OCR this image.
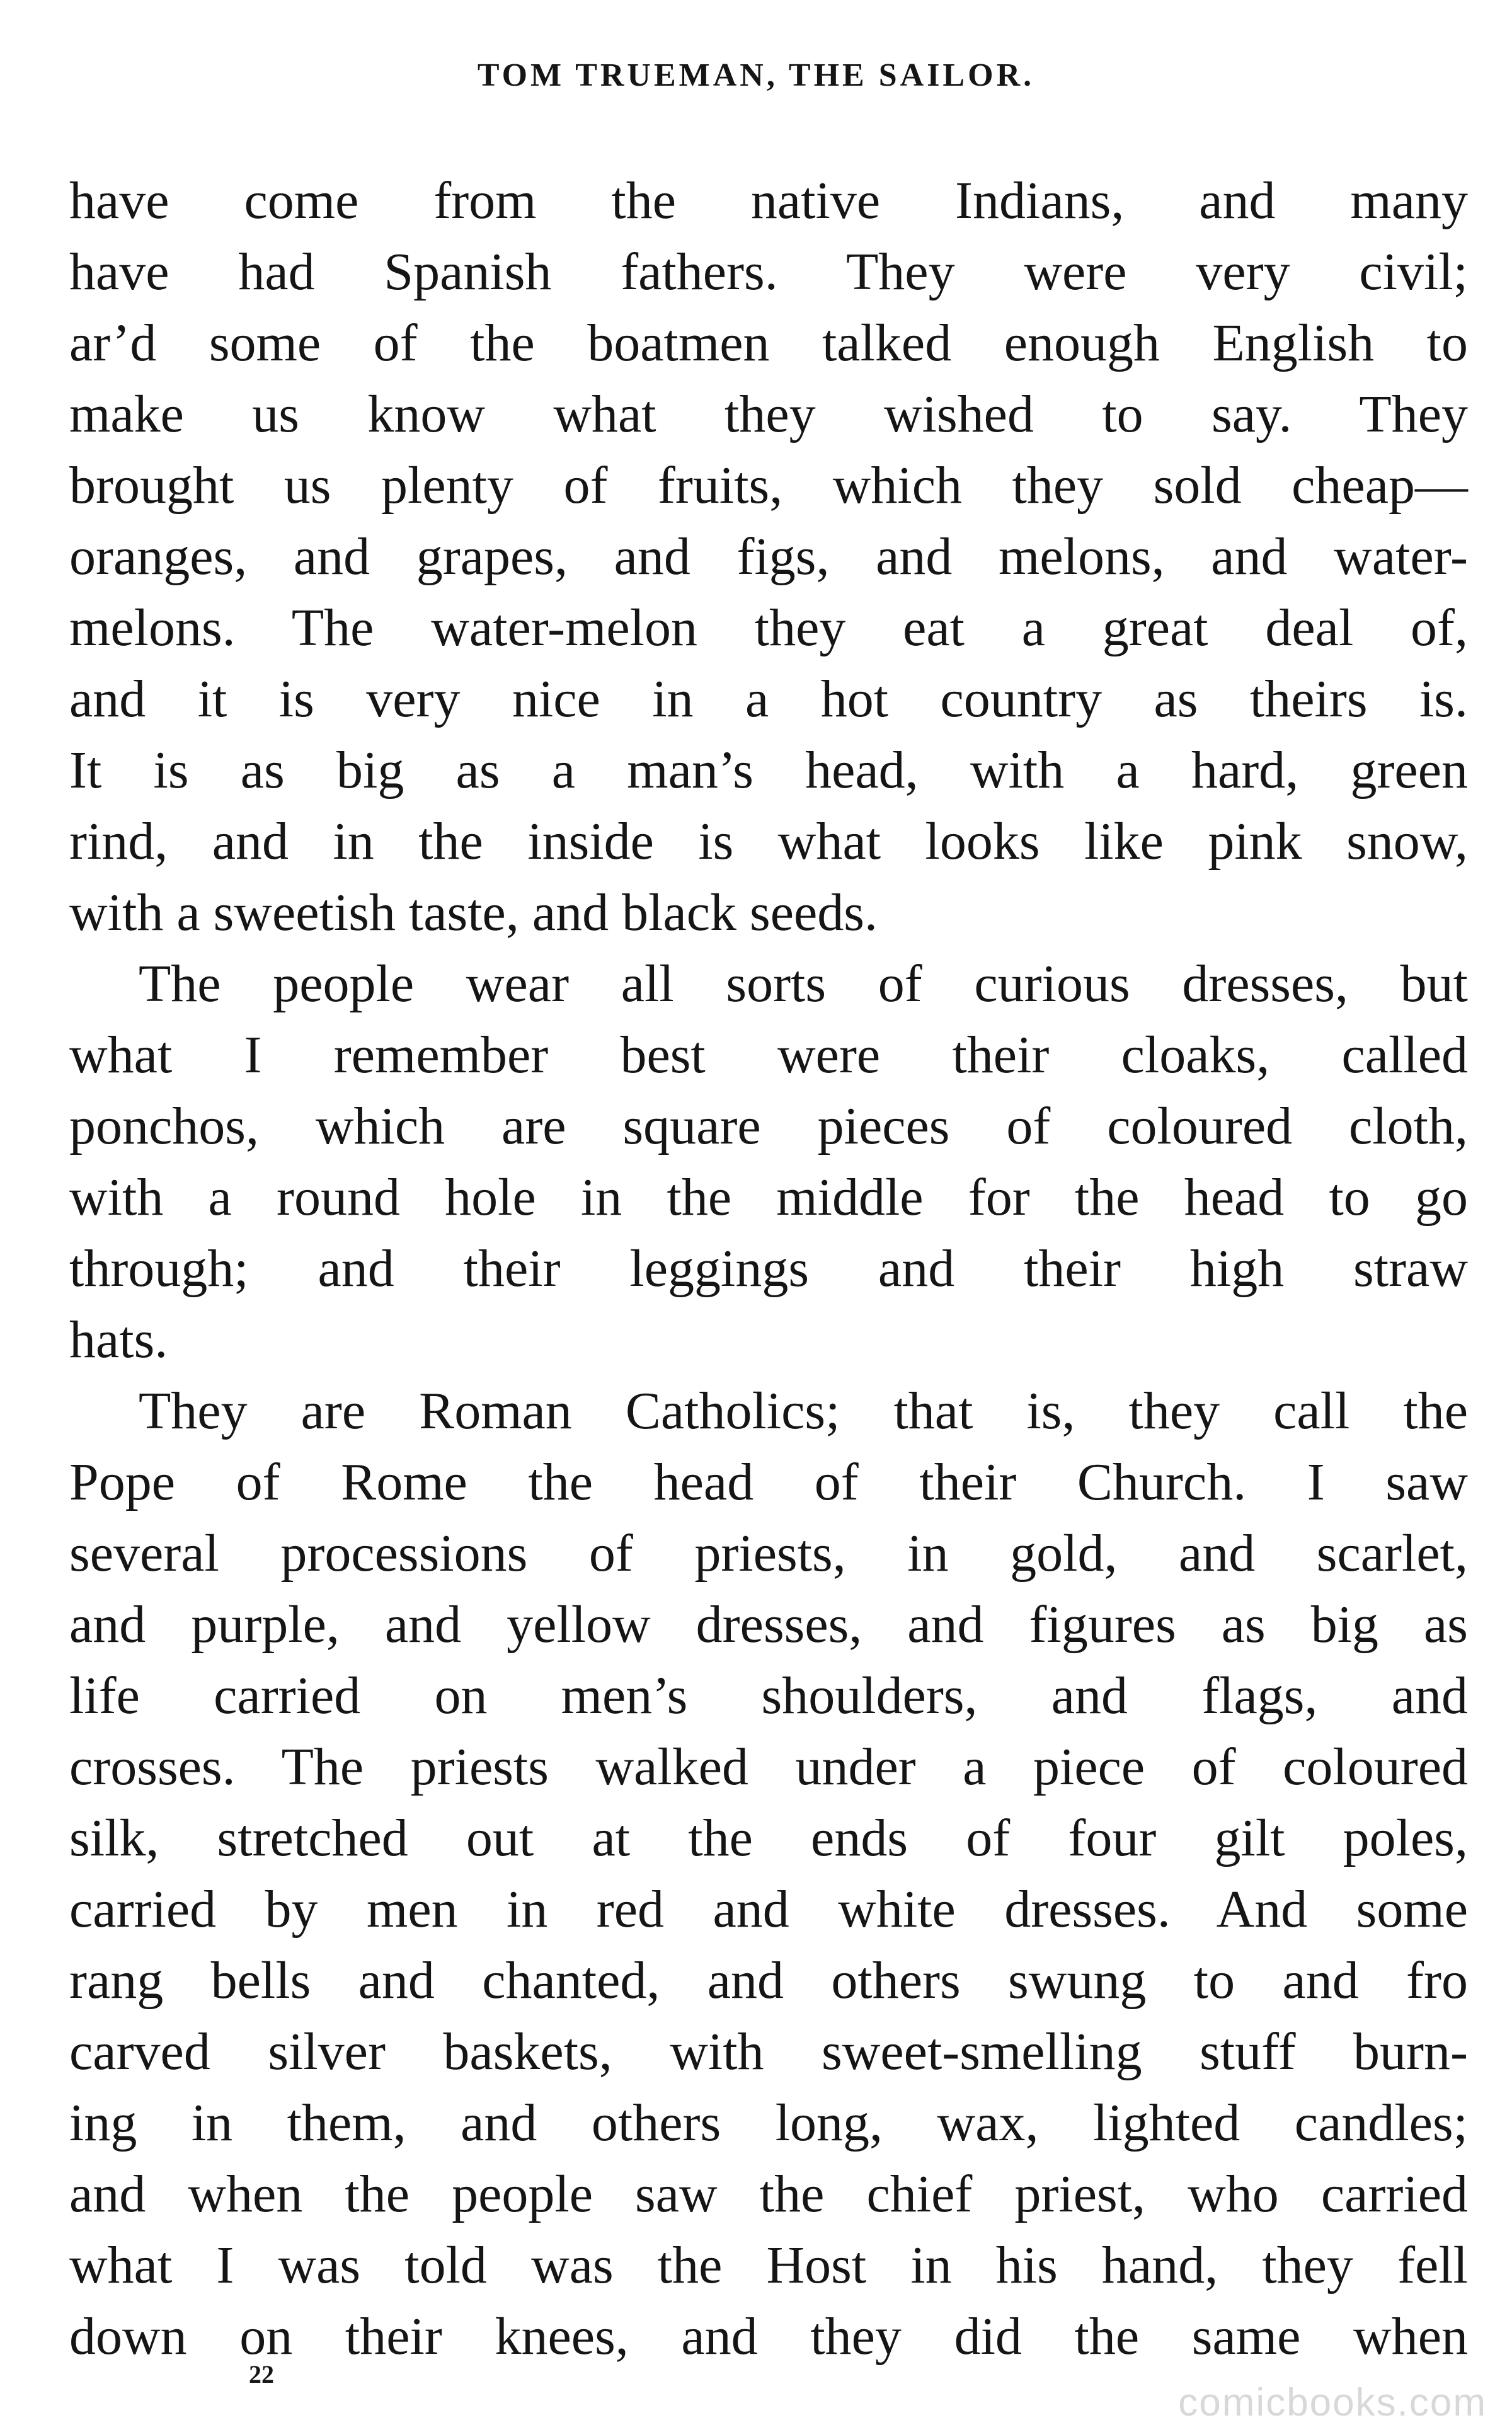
TOM TRUEMAN, THE SAILOR.
have come from the native Indians, and many
have had Spanish fathers. They were very civil;
ar’d some of the boatmen talked enough English to
make us know what they wished to say. They
brought us plenty of fruits, which they sold cheap—
oranges, and grapes, and figs, and melons, and water-
melons. The water-melon they eat a great deal of,
and it is very nice in a hot country as theirs is.
It is as big as a man’s head, with a hard, green
rind, and in the inside is what looks like pink snow,
with a sweetish taste, and black seeds.
The people wear all sorts of curious dresses, but
what I remember best were their cloaks, called
ponchos, which are square pieces of coloured cloth,
with a round hole in the middle for the head to go
through; and their leggings and their high straw
hats.
They are Roman Catholics; that is, they call the
Pope of Rome the head of their Church. I saw
several processions of priests, in gold, and scarlet,
and purple, and yellow dresses, and figures as big as
life carried on men’s shoulders, and flags, and
crosses. The priests walked under a piece of coloured
silk, stretched out at the ends of four gilt poles,
carried by men in red and white dresses. And some
rang bells and chanted, and others swung to and fro
carved silver baskets, with sweet-smelling stuff burn-
ing in them, and others long, wax, lighted candles;
and when the people saw the chief priest, who carried
what I was told was the Host in his hand, they fell
down on their knees, and they did the same when
22
comicbooks.com
